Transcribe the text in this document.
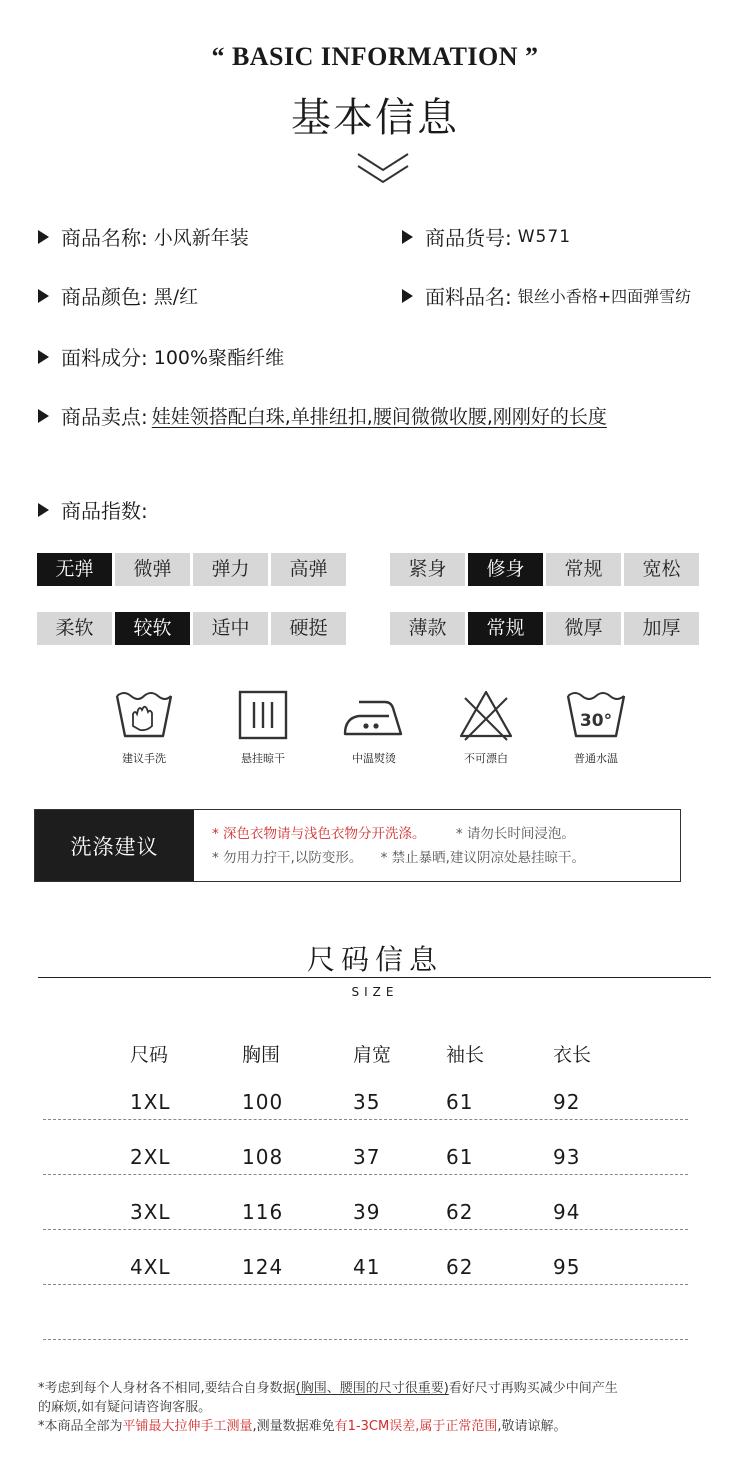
“ BASIC INFORMATION ”
基本信息
商品名称: 小风新年装	商品货号: W571
商品颜色: 黑/红	面料品名: 银丝小香格+四面弹雪纺
面料成分: 100%聚酯纤维
商品卖点: 娃娃领搭配白珠,单排纽扣,腰间微微收腰,刚刚好的长度
商品指数:
无弹	微弹	弹力	高弹	紧身	修身	常规	宽松
柔软	较软	适中	硬挺	薄款	常规	微厚	加厚
建议手洗	悬挂晾干	中温熨烫	不可漂白
30°
普通水温
洗涤建议
* 深色衣物请与浅色衣物分开洗涤。 * 请勿长时间浸泡。
* 勿用力拧干,以防变形。 * 禁止暴晒,建议阴凉处悬挂晾干。
尺码信息
SIZE
尺码	胸围	肩宽	袖长	衣长
1XL	100	35	61	92
2XL	108	37	61	93
3XL	116	39	62	94
4XL	124	41	62	95
*考虑到每个人身材各不相同,要结合自身数据(胸围、腰围的尺寸很重要)看好尺寸再购买减少中间产生
的麻烦,如有疑问请咨询客服。
*本商品全部为平铺最大拉伸手工测量,测量数据难免有1-3CM误差,属于正常范围,敬请谅解。
